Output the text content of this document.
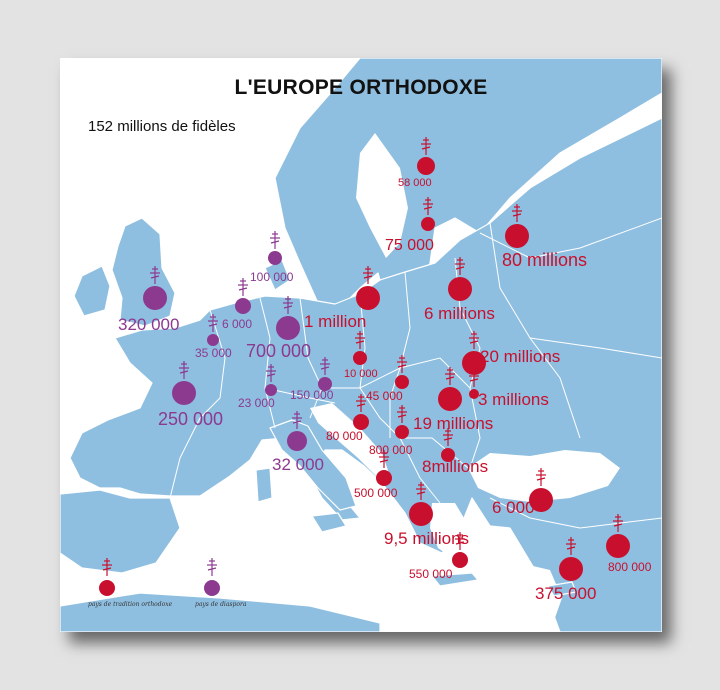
L'EUROPE ORTHODOXE
152 millions de fidèles
58 000
75 000
80 millions
6 millions
1 million
20 millions
3 millions
19 millions
10 000
45 000
80 000
800 000
8millions
500 000
9,5 millions
6 000
550 000
375 000
800 000
320 000
100 000
6 000
35 000 700 000
250 000
23 000
150 000
32 000
pays de tradition orthodoxe	pays de diaspora
